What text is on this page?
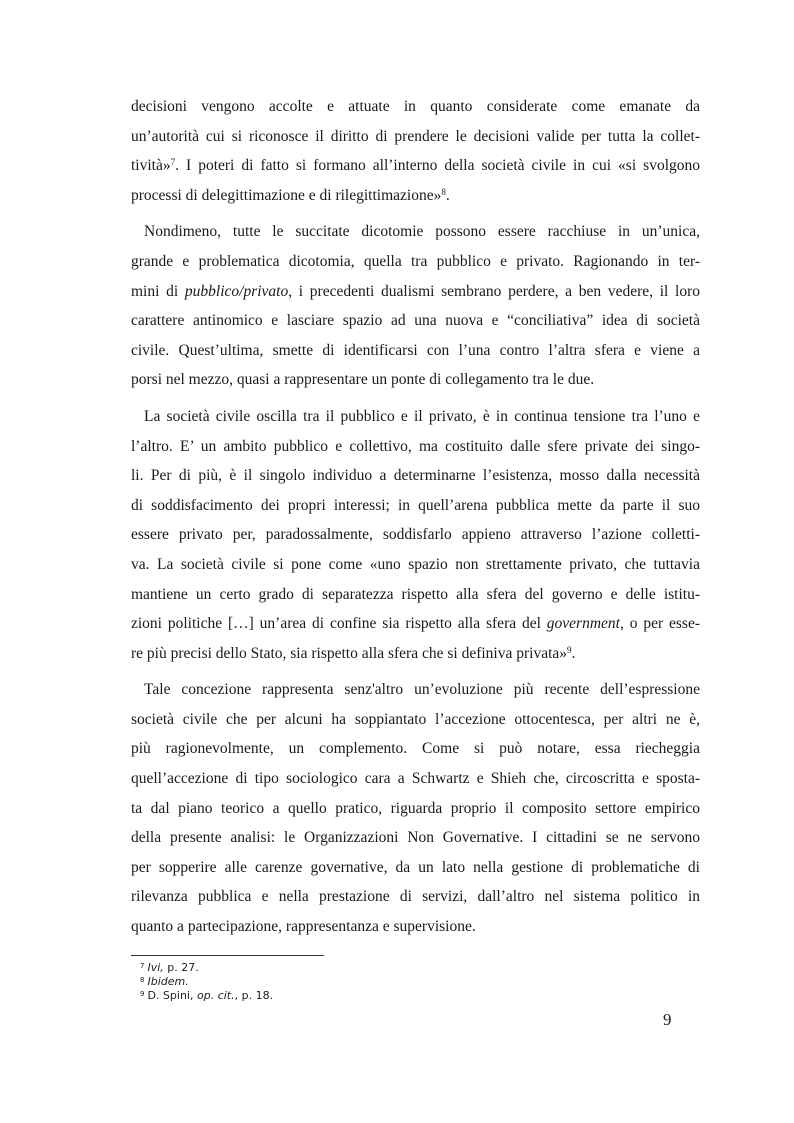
decisioni vengono accolte e attuate in quanto considerate come emanate da
un’autorità cui si riconosce il diritto di prendere le decisioni valide per tutta la collet-
tività»$^7$. I poteri di fatto si formano all’interno della società civile in cui «si svolgono
processi di delegittimazione e di rilegittimazione»$^8$.
Nondimeno, tutte le succitate dicotomie possono essere racchiuse in un’unica,
grande e problematica dicotomia, quella tra pubblico e privato. Ragionando in ter-
mini di pubblico/privato, i precedenti dualismi sembrano perdere, a ben vedere, il loro
carattere antinomico e lasciare spazio ad una nuova e “conciliativa” idea di società
civile. Quest’ultima, smette di identificarsi con l’una contro l’altra sfera e viene a
porsi nel mezzo, quasi a rappresentare un ponte di collegamento tra le due.
La società civile oscilla tra il pubblico e il privato, è in continua tensione tra l’uno e
l’altro. E’ un ambito pubblico e collettivo, ma costituito dalle sfere private dei singo-
li. Per di più, è il singolo individuo a determinarne l’esistenza, mosso dalla necessità
di soddisfacimento dei propri interessi; in quell’arena pubblica mette da parte il suo
essere privato per, paradossalmente, soddisfarlo appieno attraverso l’azione colletti-
va. La società civile si pone come «uno spazio non strettamente privato, che tuttavia
mantiene un certo grado di separatezza rispetto alla sfera del governo e delle istitu-
zioni politiche […] un’area di confine sia rispetto alla sfera del government, o per esse-
re più precisi dello Stato, sia rispetto alla sfera che si definiva privata»$^9$.
Tale concezione rappresenta senz'altro un’evoluzione più recente dell’espressione
società civile che per alcuni ha soppiantato l’accezione ottocentesca, per altri ne è,
più ragionevolmente, un complemento. Come si può notare, essa riecheggia
quell’accezione di tipo sociologico cara a Schwartz e Shieh che, circoscritta e sposta-
ta dal piano teorico a quello pratico, riguarda proprio il composito settore empirico
della presente analisi: le Organizzazioni Non Governative. I cittadini se ne servono
per sopperire alle carenze governative, da un lato nella gestione di problematiche di
rilevanza pubblica e nella prestazione di servizi, dall’altro nel sistema politico in
quanto a partecipazione, rappresentanza e supervisione.
$^7$ Ivi, p. 27.
$^8$ Ibidem.
$^9$ D. Spini, op. cit., p. 18.
9
